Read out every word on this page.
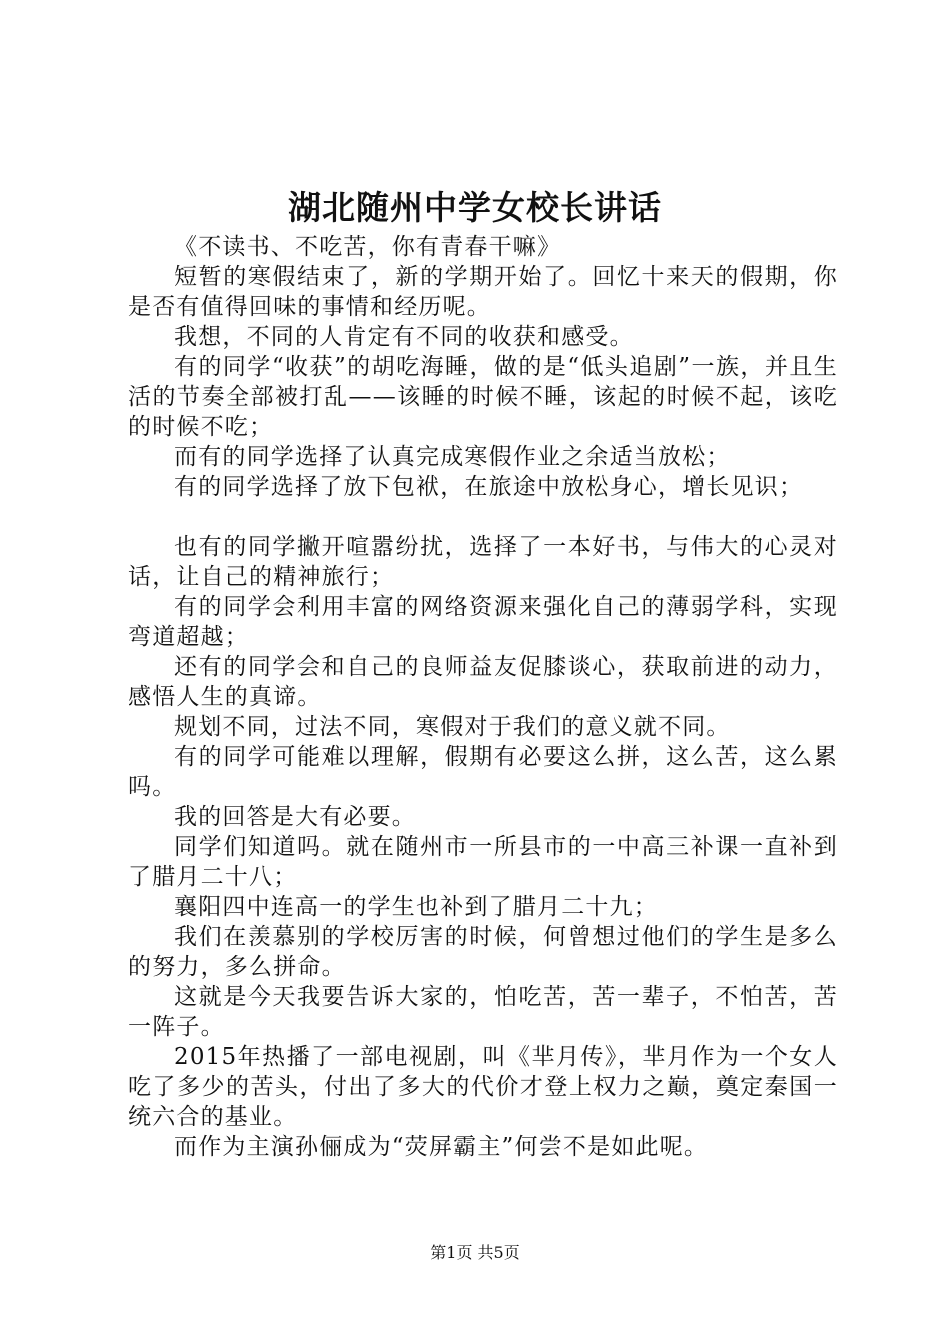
湖北随州中学女校长讲话

《不读书、不吃苦，你有青春干嘛》

短暂的寒假结束了，新的学期开始了。回忆十来天的假期，你是否有值得回味的事情和经历呢。

我想，不同的人肯定有不同的收获和感受。

有的同学“收获”的胡吃海睡，做的是“低头追剧”一族，并且生活的节奏全部被打乱——该睡的时候不睡，该起的时候不起，该吃的时候不吃；

而有的同学选择了认真完成寒假作业之余适当放松；

有的同学选择了放下包袱，在旅途中放松身心，增长见识；

也有的同学撇开喧嚣纷扰，选择了一本好书，与伟大的心灵对话，让自己的精神旅行；

有的同学会利用丰富的网络资源来强化自己的薄弱学科，实现弯道超越；

还有的同学会和自己的良师益友促膝谈心，获取前进的动力，感悟人生的真谛。

规划不同，过法不同，寒假对于我们的意义就不同。

有的同学可能难以理解，假期有必要这么拼，这么苦，这么累吗。

我的回答是大有必要。

同学们知道吗。就在随州市一所县市的一中高三补课一直补到了腊月二十八；

襄阳四中连高一的学生也补到了腊月二十九；

我们在羡慕别的学校厉害的时候，何曾想过他们的学生是多么的努力，多么拼命。

这就是今天我要告诉大家的，怕吃苦，苦一辈子，不怕苦，苦一阵子。

2015年热播了一部电视剧，叫《芈月传》，芈月作为一个女人吃了多少的苦头，付出了多大的代价才登上权力之巅，奠定秦国一统六合的基业。

而作为主演孙俪成为“荧屏霸主”何尝不是如此呢。

第1页 共5页
